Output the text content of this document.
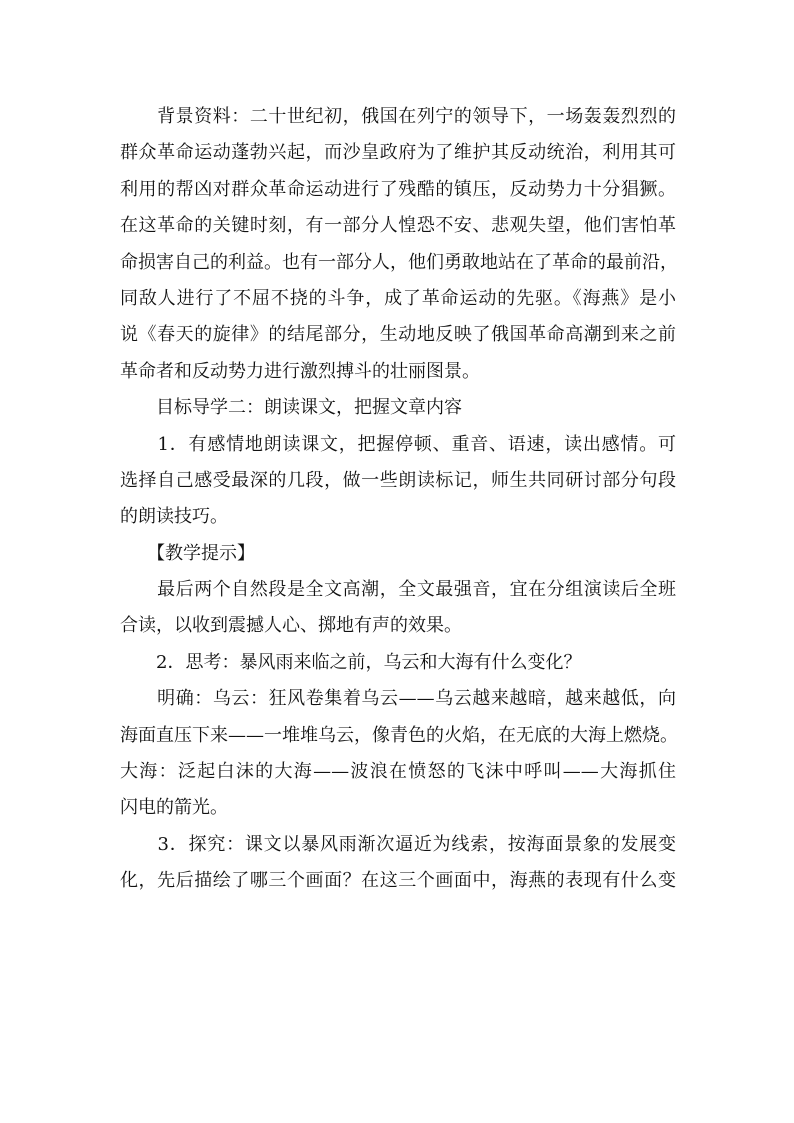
　　背景资料：二十世纪初，俄国在列宁的领导下，一场轰轰烈烈的
群众革命运动蓬勃兴起，而沙皇政府为了维护其反动统治，利用其可
利用的帮凶对群众革命运动进行了残酷的镇压，反动势力十分猖獗。
在这革命的关键时刻，有一部分人惶恐不安、悲观失望，他们害怕革
命损害自己的利益。也有一部分人，他们勇敢地站在了革命的最前沿，
同敌人进行了不屈不挠的斗争，成了革命运动的先驱。《海燕》是小
说《春天的旋律》的结尾部分，生动地反映了俄国革命高潮到来之前
革命者和反动势力进行激烈搏斗的壮丽图景。
　　目标导学二：朗读课文，把握文章内容
　　1．有感情地朗读课文，把握停顿、重音、语速，读出感情。可
选择自己感受最深的几段，做一些朗读标记，师生共同研讨部分句段
的朗读技巧。
　　【教学提示】
　　最后两个自然段是全文高潮，全文最强音，宜在分组演读后全班
合读，以收到震撼人心、掷地有声的效果。
　　2．思考：暴风雨来临之前，乌云和大海有什么变化？
　　明确：乌云：狂风卷集着乌云——乌云越来越暗，越来越低，向
海面直压下来——一堆堆乌云，像青色的火焰，在无底的大海上燃烧。
大海：泛起白沫的大海——波浪在愤怒的飞沫中呼叫——大海抓住
闪电的箭光。
　　3．探究：课文以暴风雨渐次逼近为线索，按海面景象的发展变
化，先后描绘了哪三个画面？在这三个画面中，海燕的表现有什么变
